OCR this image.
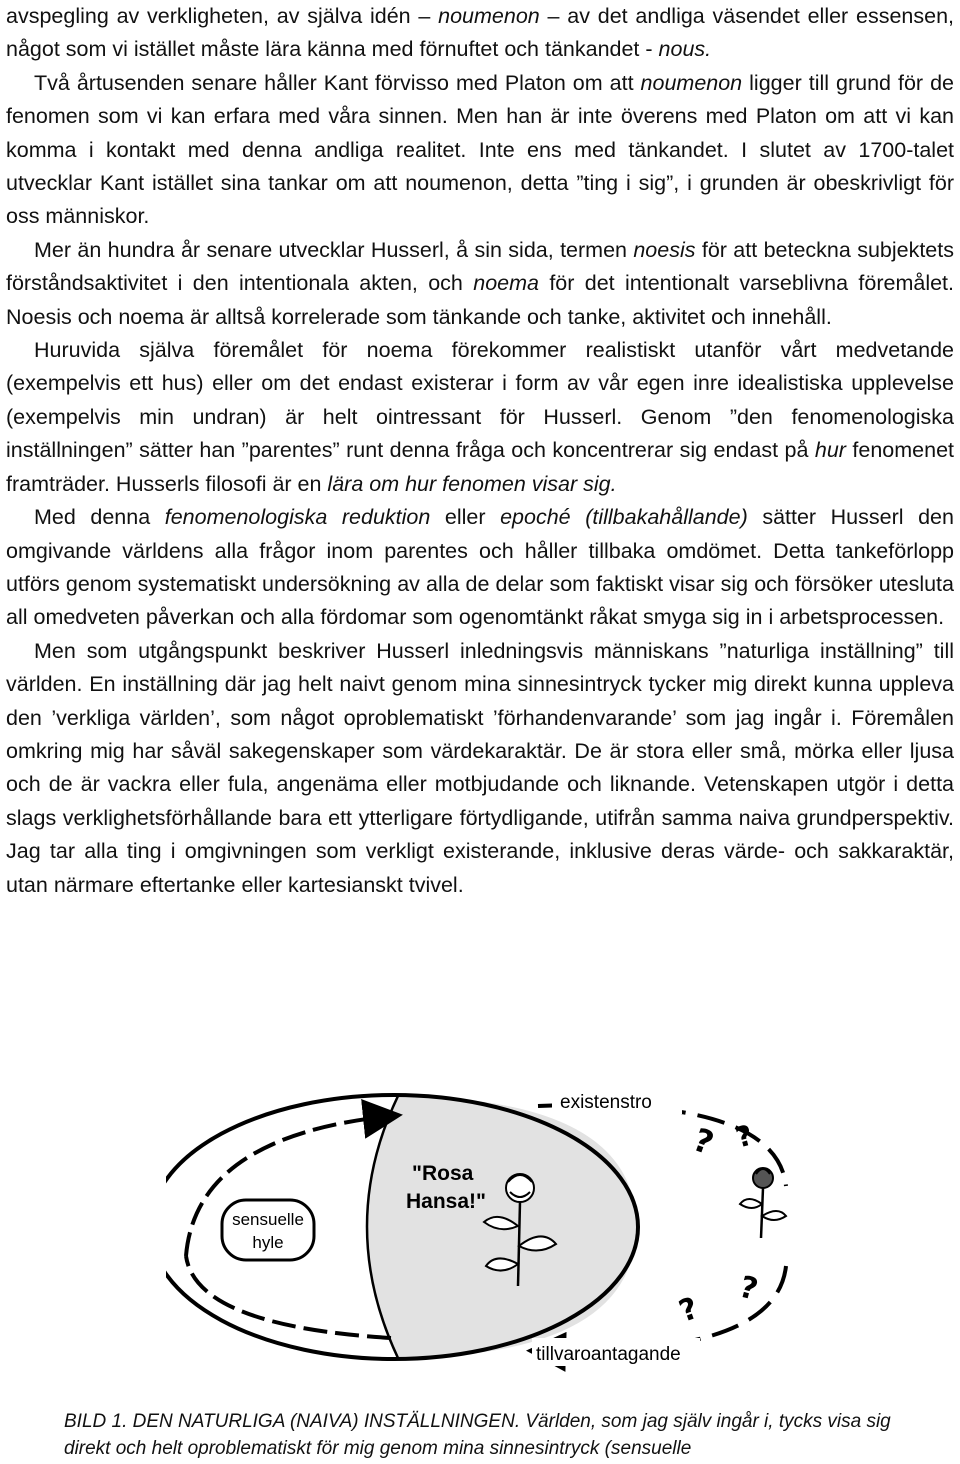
avspegling av verkligheten, av själva idén – noumenon – av det andliga väsendet eller essensen, något som vi istället måste lära känna med förnuftet och tänkandet - nous.

Två årtusenden senare håller Kant förvisso med Platon om att noumenon ligger till grund för de fenomen som vi kan erfara med våra sinnen. Men han är inte överens med Platon om att vi kan komma i kontakt med denna andliga realitet. Inte ens med tänkandet. I slutet av 1700-talet utvecklar Kant istället sina tankar om att noumenon, detta ”ting i sig”, i grunden är obeskrivligt för oss människor.

Mer än hundra år senare utvecklar Husserl, å sin sida, termen noesis för att beteckna subjektets förståndsaktivitet i den intentionala akten, och noema för det intentionalt varseblivna föremålet. Noesis och noema är alltså korrelerade som tänkande och tanke, aktivitet och innehåll.

Huruvida själva föremålet för noema förekommer realistiskt utanför vårt medvetande (exempelvis ett hus) eller om det endast existerar i form av vår egen inre idealistiska upplevelse (exempelvis min undran) är helt ointressant för Husserl. Genom ”den fenomenologiska inställningen” sätter han ”parentes” runt denna fråga och koncentrerar sig endast på hur fenomenet framträder. Husserls filosofi är en lära om hur fenomen visar sig.

Med denna fenomenologiska reduktion eller epoché (tillbakahållande) sätter Husserl den omgivande världens alla frågor inom parentes och håller tillbaka omdömet. Detta tankeförlopp utförs genom systematiskt undersökning av alla de delar som faktiskt visar sig och försöker utesluta all omedveten påverkan och alla fördomar som ogenomtänkt råkat smyga sig in i arbetsprocessen.

Men som utgångspunkt beskriver Husserl inledningsvis människans ”naturliga inställning” till världen. En inställning där jag helt naivt genom mina sinnesintryck tycker mig direkt kunna uppleva den ’verkliga världen’, som något oproblematiskt ’förhandenvarande’ som jag ingår i. Föremålen omkring mig har såväl sakegenskaper som värdekaraktär. De är stora eller små, mörka eller ljusa och de är vackra eller fula, angenäma eller motbjudande och liknande. Vetenskapen utgör i detta slags verklighetsförhållande bara ett ytterligare förtydligande, utifrån samma naiva grundperspektiv. Jag tar alla ting i omgivningen som verkligt existerande, inklusive deras värde- och sakkaraktär, utan närmare eftertanke eller kartesianskt tvivel.

sensuelle
hyle
"Rosa
Hansa!"
? ?
?
?
existenstro
tillvaroantagande

BILD 1. DEN NATURLIGA (NAIVA) INSTÄLLNINGEN. Världen, som jag själv ingår i, tycks visa sig direkt och helt oproblematiskt för mig genom mina sinnesintryck (sensuelle
